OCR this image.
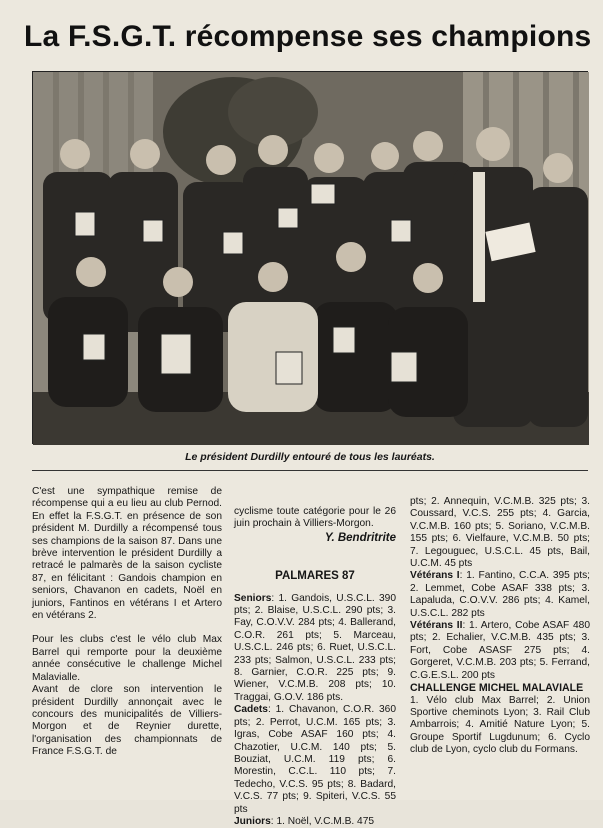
La F.S.G.T. récompense ses champions
Le président Durdilly entouré de tous les lauréats.

C'est une sympathique remise de récompense qui a eu lieu au club Pernod. En effet la F.S.G.T. en présence de son président M. Durdilly a récompensé tous ses champions de la saison 87. Dans une brève intervention le président Durdilly a retracé le palmarès de la saison cycliste 87, en félicitant : Gandois champion en seniors, Chavanon en cadets, Noël en juniors, Fantinos en vétérans I et Artero en vétérans 2.

Pour les clubs c'est le vélo club Max Barrel qui remporte pour la deuxième année consécutive le challenge Michel Malavialle.

Avant de clore son intervention le président Durdilly annonçait avec le concours des municipalités de Villiers-Morgon et de Reynier durette, l'organisation des championnats de France F.S.G.T. de

cyclisme toute catégorie pour le 26 juin prochain à Villiers-Morgon.

Y. Bendritrite
PALMARES 87

Seniors: 1. Gandois, U.S.C.L. 390 pts; 2. Blaise, U.S.C.L. 290 pts; 3. Fay, C.O.V.V. 284 pts; 4. Ballerand, C.O.R. 261 pts; 5. Marceau, U.S.C.L. 246 pts; 6. Ruet, U.S.C.L. 233 pts; Salmon, U.S.C.L. 233 pts; 8. Garnier, C.O.R. 225 pts; 9. Wiener, V.C.M.B. 208 pts; 10. Traggai, G.O.V. 186 pts.

Cadets: 1. Chavanon, C.O.R. 360 pts; 2. Perrot, U.C.M. 165 pts; 3. Igras, Cobe ASAF 160 pts; 4. Chazotier, U.C.M. 140 pts; 5. Bouziat, U.C.M. 119 pts; 6. Morestin, C.C.L. 110 pts; 7. Tedecho, V.C.S. 95 pts; 8. Badard, V.C.S. 77 pts; 9. Spiteri, V.C.S. 55 pts

Juniors: 1. Noël, V.C.M.B. 475

pts; 2. Annequin, V.C.M.B. 325 pts; 3. Coussard, V.C.S. 255 pts; 4. Garcia, V.C.M.B. 160 pts; 5. Soriano, V.C.M.B. 155 pts; 6. Vielfaure, V.C.M.B. 50 pts; 7. Legouguec, U.S.C.L. 45 pts, Bail, U.C.M. 45 pts

Vétérans I: 1. Fantino, C.C.A. 395 pts; 2. Lemmet, Cobe ASAF 338 pts; 3. Lapaluda, C.O.V.V. 286 pts; 4. Kamel, U.S.C.L. 282 pts

Vétérans II: 1. Artero, Cobe ASAF 480 pts; 2. Echalier, V.C.M.B. 435 pts; 3. Fort, Cobe ASASF 275 pts; 4. Gorgeret, V.C.M.B. 203 pts; 5. Ferrand, C.G.E.S.L. 200 pts

CHALLENGE MICHEL MALAVIALE

1. Vélo club Max Barrel; 2. Union Sportive cheminots Lyon; 3. Rail Club Ambarrois; 4. Amitié Nature Lyon; 5. Groupe Sportif Lugdunum; 6. Cyclo club de Lyon, cyclo club du Formans.
